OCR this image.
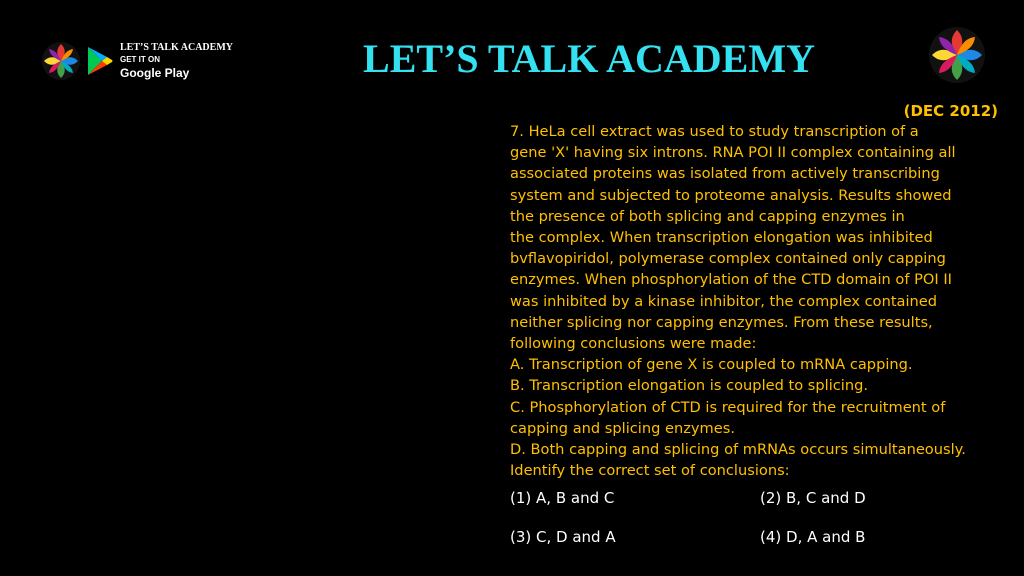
LET’S TALK ACADEMY
GET IT ON
Google Play	LET’S TALK ACADEMY
(DEC 2012)
7. HeLa cell extract was used to study transcription of a
gene 'X' having six introns. RNA POI II complex containing all
associated proteins was isolated from actively transcribing
system and subjected to proteome analysis. Results showed
the presence of both splicing and capping enzymes in
the complex. When transcription elongation was inhibited
bvflavopiridol, polymerase complex contained only capping
enzymes. When phosphorylation of the CTD domain of POI II
was inhibited by a kinase inhibitor, the complex contained
neither splicing nor capping enzymes. From these results,
following conclusions were made:
A. Transcription of gene X is coupled to mRNA capping.
B. Transcription elongation is coupled to splicing.
C. Phosphorylation of CTD is required for the recruitment of
capping and splicing enzymes.
D. Both capping and splicing of mRNAs occurs simultaneously.
Identify the correct set of conclusions:
(1) A, B and C	(2) B, C and D
(3) C, D and A	(4) D, A and B
